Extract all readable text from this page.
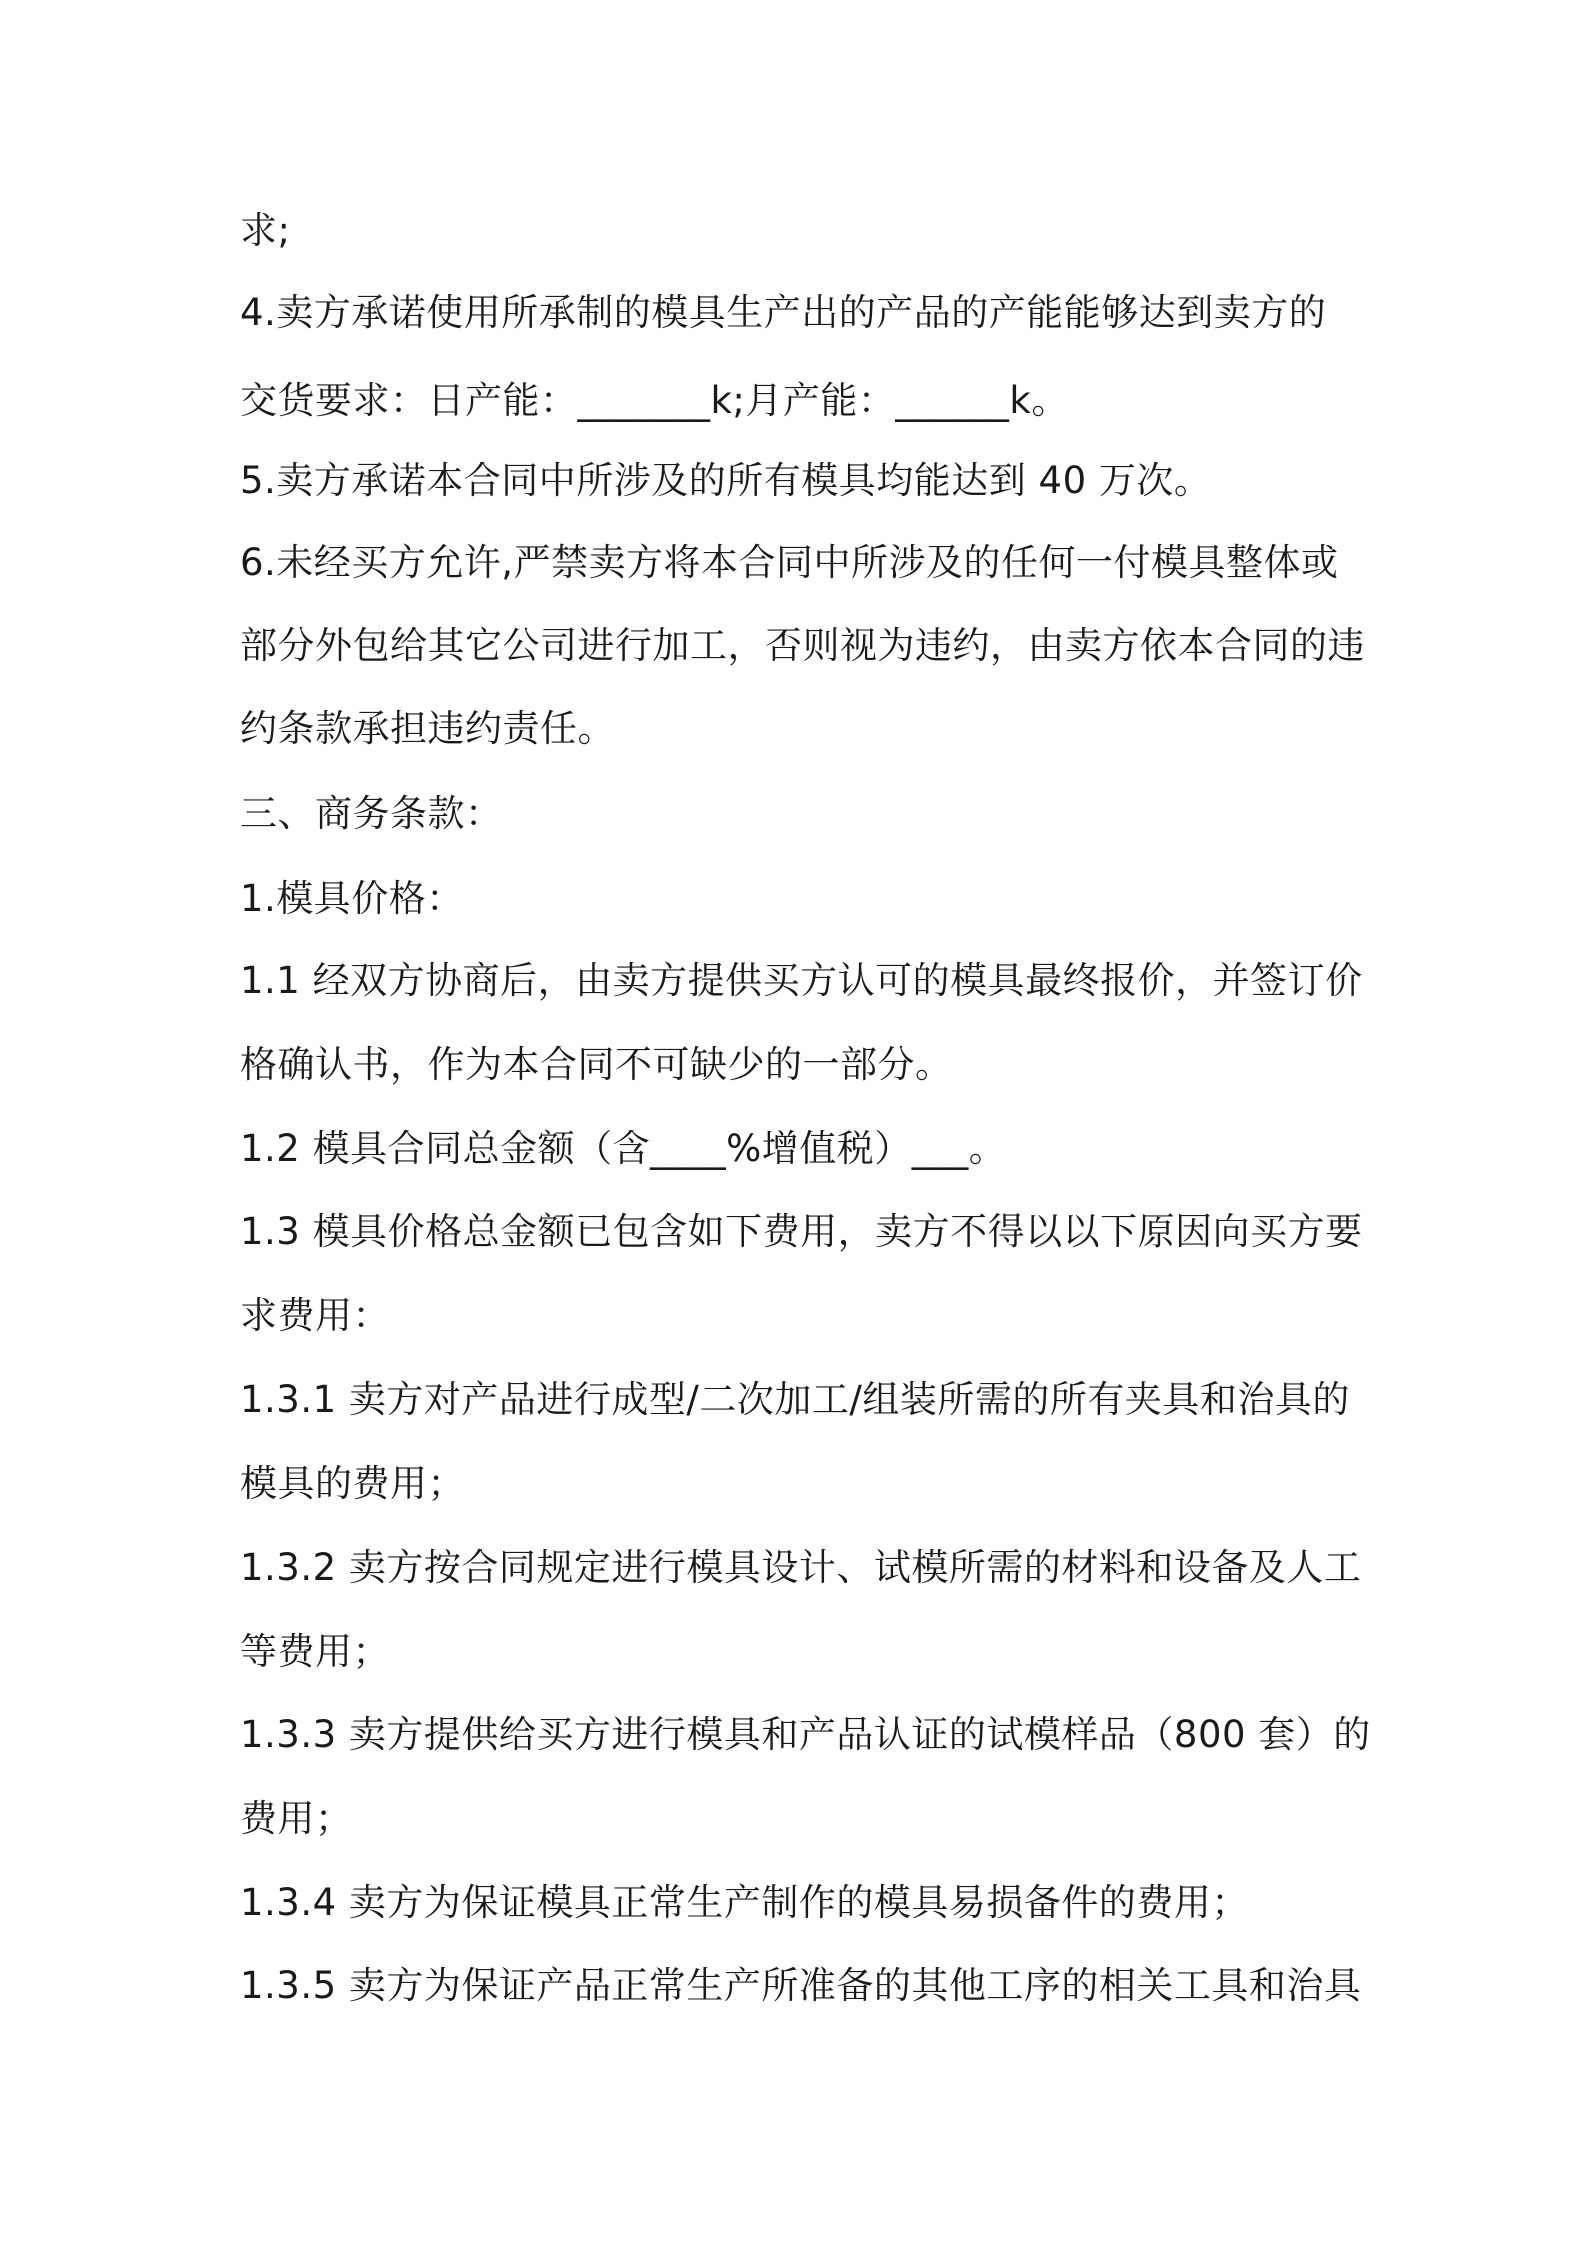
求;
4.卖方承诺使用所承制的模具生产出的产品的产能能够达到卖方的
交货要求：日产能：_______k;月产能：______k。
5.卖方承诺本合同中所涉及的所有模具均能达到 40 万次。
6.未经买方允许,严禁卖方将本合同中所涉及的任何一付模具整体或
部分外包给其它公司进行加工，否则视为违约，由卖方依本合同的违
约条款承担违约责任。
三、商务条款：
1.模具价格：
1.1 经双方协商后，由卖方提供买方认可的模具最终报价，并签订价
格确认书，作为本合同不可缺少的一部分。
1.2 模具合同总金额（含____%增值税）___。
1.3 模具价格总金额已包含如下费用，卖方不得以以下原因向买方要
求费用：
1.3.1 卖方对产品进行成型/二次加工/组装所需的所有夹具和治具的
模具的费用；
1.3.2 卖方按合同规定进行模具设计、试模所需的材料和设备及人工
等费用；
1.3.3 卖方提供给买方进行模具和产品认证的试模样品（800 套）的
费用；
1.3.4 卖方为保证模具正常生产制作的模具易损备件的费用；
1.3.5 卖方为保证产品正常生产所准备的其他工序的相关工具和治具
